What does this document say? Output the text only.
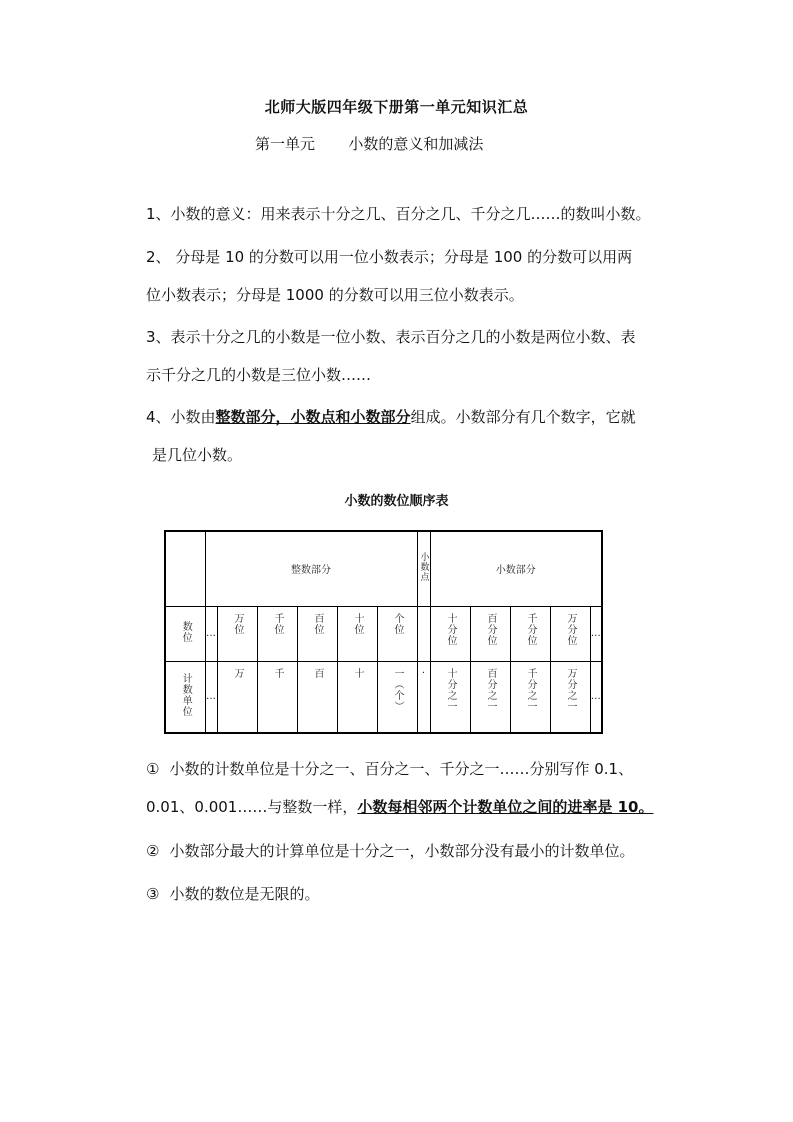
北师大版四年级下册第一单元知识汇总
第一单元 小数的意义和加减法
1、小数的意义：用来表示十分之几、百分之几、千分之几……的数叫小数。
2、 分母是 10 的分数可以用一位小数表示；分母是 100 的分数可以用两
位小数表示；分母是 1000 的分数可以用三位小数表示。
3、表示十分之几的小数是一位小数、表示百分之几的小数是两位小数、表
示千分之几的小数是三位小数……
4、小数由整数部分，小数点和小数部分组成。小数部分有几个数字，它就
是几位小数。
小数的数位顺序表
	整数部分						小数点	小数部分				
数位	…	万位	千位	百位	十位	个位		十分位	百分位	千分位	万分位	…
计数单位	…	万	千	百	十	一（个）	·	十分之一	百分之一	千分之一	万分之一	…
① 小数的计数单位是十分之一、百分之一、千分之一……分别写作 0.1、
0.01、0.001……与整数一样，小数每相邻两个计数单位之间的进率是 10。
② 小数部分最大的计算单位是十分之一，小数部分没有最小的计数单位。
③ 小数的数位是无限的。
